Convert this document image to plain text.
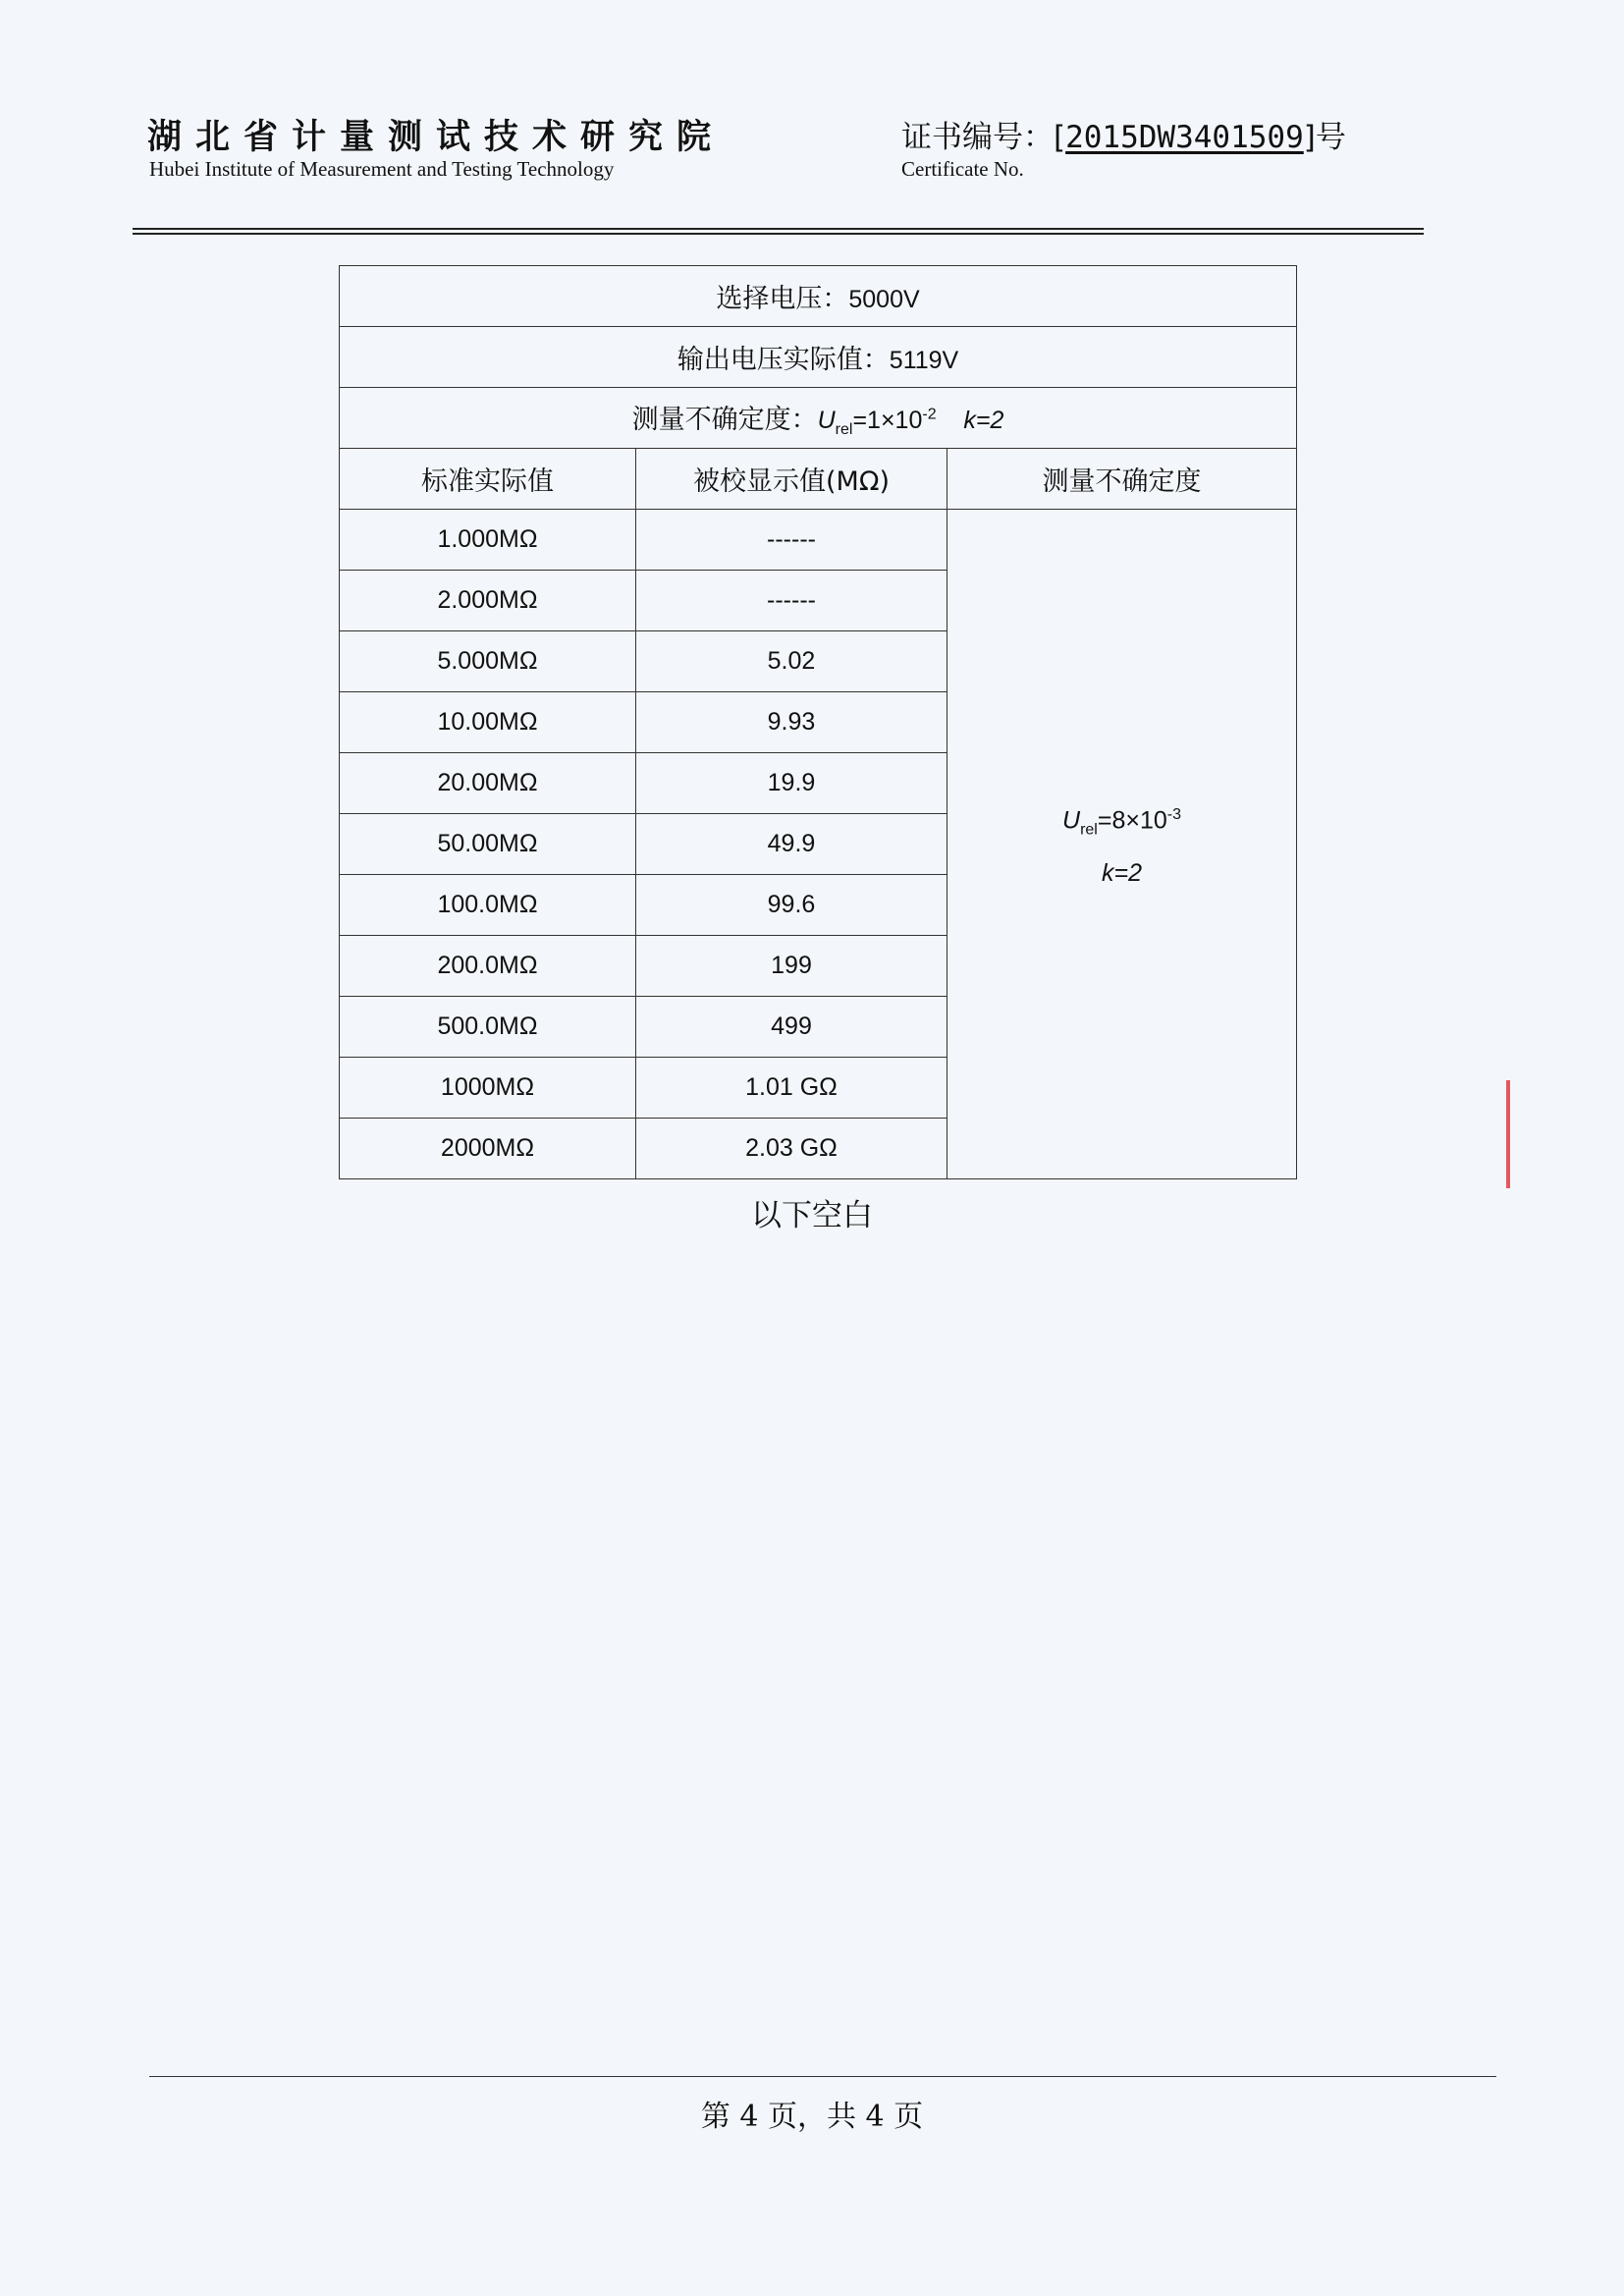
湖北省计量测试技术研究院
Hubei Institute of Measurement and Testing Technology
证书编号：[2015DW3401509]号
Certificate No.
选择电压：5000V		
输出电压实际值：5119V		
测量不确定度：$U_{rel}=1\times 10^{-2}$ k=2		
标准实际值	被校显示值(MΩ)	测量不确定度
1.000MΩ	------	$U_{rel}=8\times 10^{-3}$
k=2

2.000MΩ	------	
5.000MΩ	5.02	
10.00MΩ	9.93	
20.00MΩ	19.9	
50.00MΩ	49.9	
100.0MΩ	99.6	
200.0MΩ	199	
500.0MΩ	499	
1000MΩ	1.01 GΩ	
2000MΩ	2.03 GΩ	
以下空白
第 4 页，共 4 页
